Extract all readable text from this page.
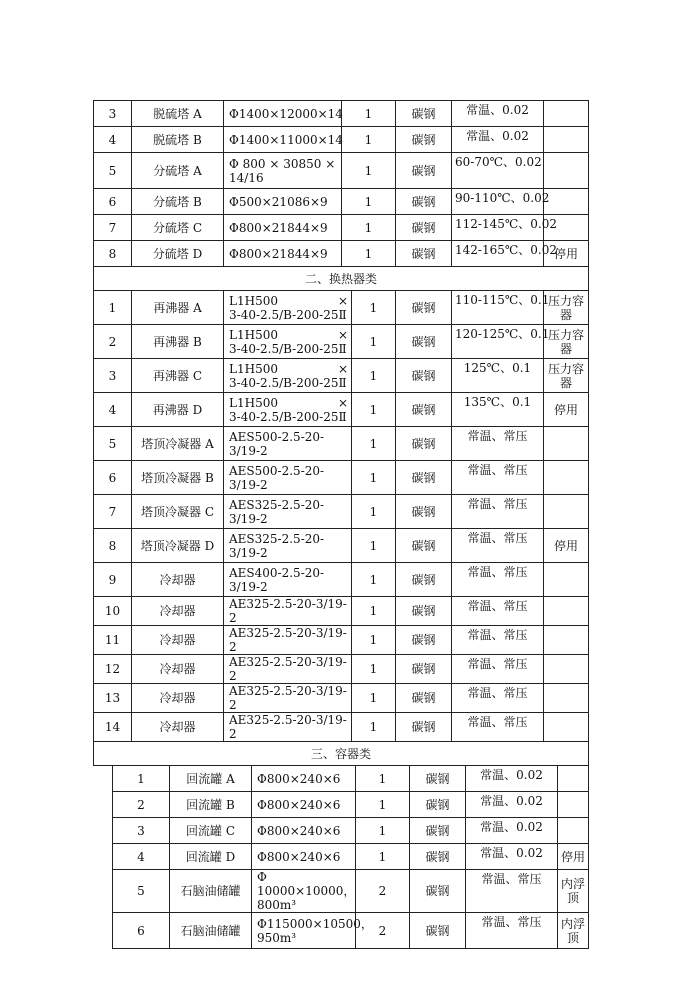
3	脱硫塔 A	Φ1400×12000×14	1	碳钢	常温、0.02	
4	脱硫塔 B	Φ1400×11000×14	1	碳钢	常温、0.02	
5	分硫塔 A	Φ 800 × 30850 × 14/16	1	碳钢	60-70℃、0.02	
6	分硫塔 B	Φ500×21086×9	1	碳钢	90-110℃、0.02	
7	分硫塔 C	Φ800×21844×9	1	碳钢	112-145℃、0.02	
8	分硫塔 D	Φ800×21844×9	1	碳钢	142-165℃、0.02	停用
二、换热器类						
1	再沸器 A	L1H500 ×
3-40-2.5/B-200-25Ⅱ	1	碳钢	110-115℃、0.1	压力容器
2	再沸器 B	L1H500 ×
3-40-2.5/B-200-25Ⅱ	1	碳钢	120-125℃、0.1	压力容器
3	再沸器 C	L1H500 ×
3-40-2.5/B-200-25Ⅱ	1	碳钢	125℃、0.1	压力容器
4	再沸器 D	L1H500 ×
3-40-2.5/B-200-25Ⅱ	1	碳钢	135℃、0.1	停用
5	塔顶冷凝器 A	AES500-2.5-20-3/19-2	1	碳钢	常温、常压	
6	塔顶冷凝器 B	AES500-2.5-20-3/19-2	1	碳钢	常温、常压	
7	塔顶冷凝器 C	AES325-2.5-20-3/19-2	1	碳钢	常温、常压	
8	塔顶冷凝器 D	AES325-2.5-20-3/19-2	1	碳钢	常温、常压	停用
9	冷却器	AES400-2.5-20-3/19-2	1	碳钢	常温、常压	
10	冷却器	AE325-2.5-20-3/19-2	1	碳钢	常温、常压	
11	冷却器	AE325-2.5-20-3/19-2	1	碳钢	常温、常压	
12	冷却器	AE325-2.5-20-3/19-2	1	碳钢	常温、常压	
13	冷却器	AE325-2.5-20-3/19-2	1	碳钢	常温、常压	
14	冷却器	AE325-2.5-20-3/19-2	1	碳钢	常温、常压	
三、容器类						
1	回流罐 A	Φ800×240×6	1	碳钢	常温、0.02	
2	回流罐 B	Φ800×240×6	1	碳钢	常温、0.02	
3	回流罐 C	Φ800×240×6	1	碳钢	常温、0.02	
4	回流罐 D	Φ800×240×6	1	碳钢	常温、0.02	停用
5	石脑油储罐	Φ 10000×10000，
800m³	2	碳钢	常温、常压	内浮顶
6	石脑油储罐	Φ115000×10500，
950m³	2	碳钢	常温、常压	内浮顶
